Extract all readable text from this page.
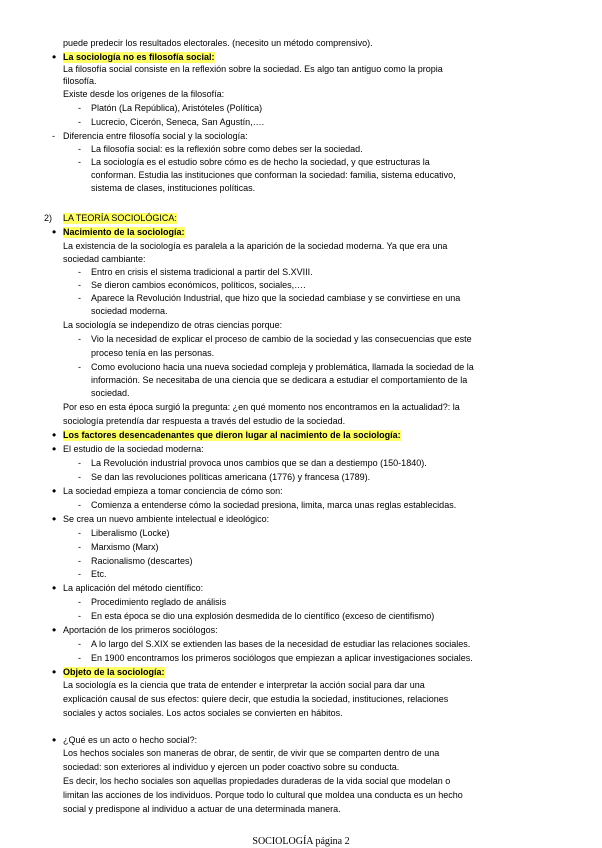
puede predecir los resultados electorales. (necesito un método comprensivo).
La sociología no es filosofía social:
•
La filosofía social consiste en la reflexión sobre la sociedad. Es algo tan antiguo como la propia
filosofía.
Existe desde los orígenes de la filosofía:
Platón (La República), Aristóteles (Política)
-
Lucrecio, Cicerón, Seneca, San Agustín,….
-
Diferencia entre filosofía social y la sociología:
-
La filosofía social: es la reflexión sobre como debes ser la sociedad.
-
La sociología es el estudio sobre cómo es de hecho la sociedad, y que estructuras la
-
conforman. Estudia las instituciones que conforman la sociedad: familia, sistema educativo,
sistema de clases, instituciones políticas.
LA TEORÍA SOCIOLÓGICA:
2)
Nacimiento de la sociología:
•
La existencia de la sociología es paralela a la aparición de la sociedad moderna. Ya que era una
sociedad cambiante:
Entro en crisis el sistema tradicional a partir del S.XVIII.
-
Se dieron cambios económicos, políticos, sociales,….
-
Aparece la Revolución Industrial, que hizo que la sociedad cambiase y se convirtiese en una
-
sociedad moderna.
La sociología se independizo de otras ciencias porque:
Vio la necesidad de explicar el proceso de cambio de la sociedad y las consecuencias que este
-
proceso tenía en las personas.
Como evoluciono hacia una nueva sociedad compleja y problemática, llamada la sociedad de la
-
información. Se necesitaba de una ciencia que se dedicara a estudiar el comportamiento de la
sociedad.
Por eso en esta época surgió la pregunta: ¿en qué momento nos encontramos en la actualidad?: la
sociología pretendía dar respuesta a través del estudio de la sociedad.
Los factores desencadenantes que dieron lugar al nacimiento de la sociología:
•
El estudio de la sociedad moderna:
•
La Revolución industrial provoca unos cambios que se dan a destiempo (150-1840).
-
Se dan las revoluciones políticas americana (1776) y francesa (1789).
-
La sociedad empieza a tomar conciencia de cómo son:
•
Comienza a entenderse cómo la sociedad presiona, limita, marca unas reglas establecidas.
-
Se crea un nuevo ambiente intelectual e ideológico:
•
Liberalismo (Locke)
-
Marxismo (Marx)
-
Racionalismo (descartes)
-
Etc.
-
La aplicación del método científico:
•
Procedimiento reglado de análisis
-
En esta época se dio una explosión desmedida de lo científico (exceso de cientifismo)
-
Aportación de los primeros sociólogos:
•
A lo largo del S.XIX se extienden las bases de la necesidad de estudiar las relaciones sociales.
-
En 1900 encontramos los primeros sociólogos que empiezan a aplicar investigaciones sociales.
-
Objeto de la sociología:
•
La sociología es la ciencia que trata de entender e interpretar la acción social para dar una
explicación causal de sus efectos: quiere decir, que estudia la sociedad, instituciones, relaciones
sociales y actos sociales. Los actos sociales se convierten en hábitos.
¿Qué es un acto o hecho social?:
•
Los hechos sociales son maneras de obrar, de sentir, de vivir que se comparten dentro de una
sociedad: son exteriores al individuo y ejercen un poder coactivo sobre su conducta.
Es decir, los hecho sociales son aquellas propiedades duraderas de la vida social que modelan o
limitan las acciones de los individuos. Porque todo lo cultural que moldea una conducta es un hecho
social y predispone al individuo a actuar de una determinada manera.
SOCIOLOGÍA página 2
